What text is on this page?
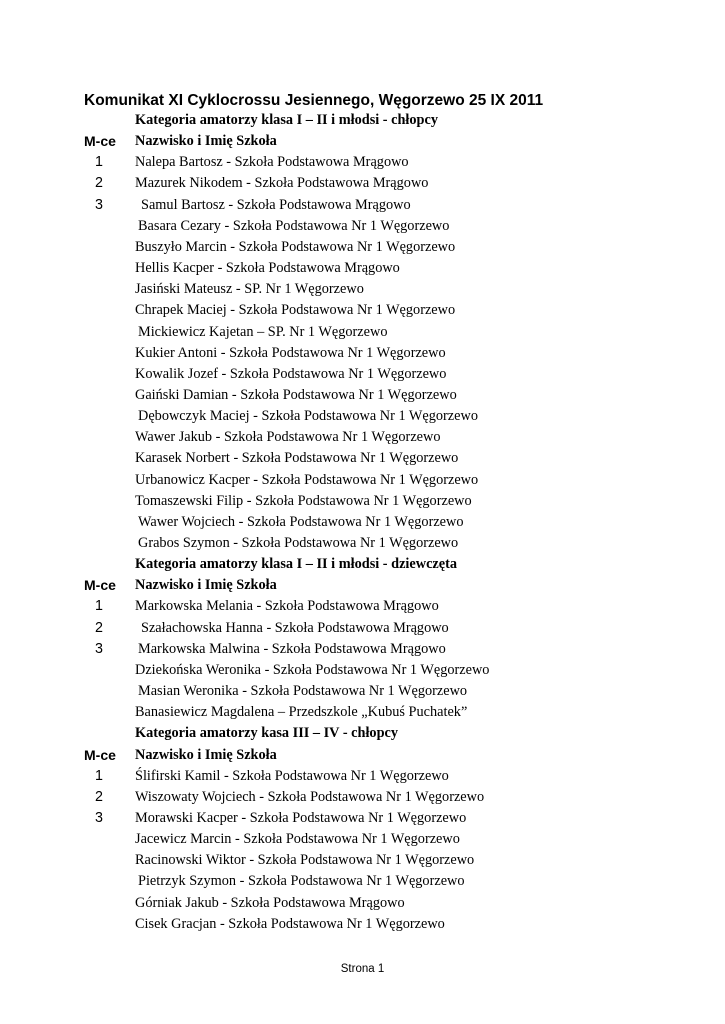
Komunikat XI Cyklocrossu Jesiennego, Węgorzewo 25 IX 2011
Kategoria amatorzy klasa I – II i młodsi - chłopcy
M-ce Nazwisko i Imię Szkoła
1	Nalepa Bartosz - Szkoła Podstawowa Mrągowo
2	Mazurek Nikodem - Szkoła Podstawowa Mrągowo
3	Samul Bartosz - Szkoła Podstawowa Mrągowo
Basara Cezary - Szkoła Podstawowa Nr 1 Węgorzewo
Buszyło Marcin - Szkoła Podstawowa Nr 1 Węgorzewo
Hellis Kacper - Szkoła Podstawowa Mrągowo
Jasiński Mateusz - SP. Nr 1 Węgorzewo
Chrapek Maciej - Szkoła Podstawowa Nr 1 Węgorzewo
Mickiewicz Kajetan – SP. Nr 1 Węgorzewo
Kukier Antoni - Szkoła Podstawowa Nr 1 Węgorzewo
Kowalik Jozef - Szkoła Podstawowa Nr 1 Węgorzewo
Gaiński Damian - Szkoła Podstawowa Nr 1 Węgorzewo
Dębowczyk Maciej - Szkoła Podstawowa Nr 1 Węgorzewo
Wawer Jakub - Szkoła Podstawowa Nr 1 Węgorzewo
Karasek Norbert - Szkoła Podstawowa Nr 1 Węgorzewo
Urbanowicz Kacper - Szkoła Podstawowa Nr 1 Węgorzewo
Tomaszewski Filip - Szkoła Podstawowa Nr 1 Węgorzewo
Wawer Wojciech - Szkoła Podstawowa Nr 1 Węgorzewo
Grabos Szymon - Szkoła Podstawowa Nr 1 Węgorzewo
Kategoria amatorzy klasa I – II i młodsi - dziewczęta
M-ce Nazwisko i Imię Szkoła
1	Markowska Melania - Szkoła Podstawowa Mrągowo
2	Szałachowska Hanna - Szkoła Podstawowa Mrągowo
3	Markowska Malwina - Szkoła Podstawowa Mrągowo
Dziekońska Weronika - Szkoła Podstawowa Nr 1 Węgorzewo
Masian Weronika - Szkoła Podstawowa Nr 1 Węgorzewo
Banasiewicz Magdalena – Przedszkole „Kubuś Puchatek”
Kategoria amatorzy kasa III – IV - chłopcy
M-ce Nazwisko i Imię Szkoła
1	Ślifirski Kamil - Szkoła Podstawowa Nr 1 Węgorzewo
2	Wiszowaty Wojciech - Szkoła Podstawowa Nr 1 Węgorzewo
3	Morawski Kacper - Szkoła Podstawowa Nr 1 Węgorzewo
Jacewicz Marcin - Szkoła Podstawowa Nr 1 Węgorzewo
Racinowski Wiktor - Szkoła Podstawowa Nr 1 Węgorzewo
Pietrzyk Szymon - Szkoła Podstawowa Nr 1 Węgorzewo
Górniak Jakub - Szkoła Podstawowa Mrągowo
Cisek Gracjan - Szkoła Podstawowa Nr 1 Węgorzewo
Strona 1
